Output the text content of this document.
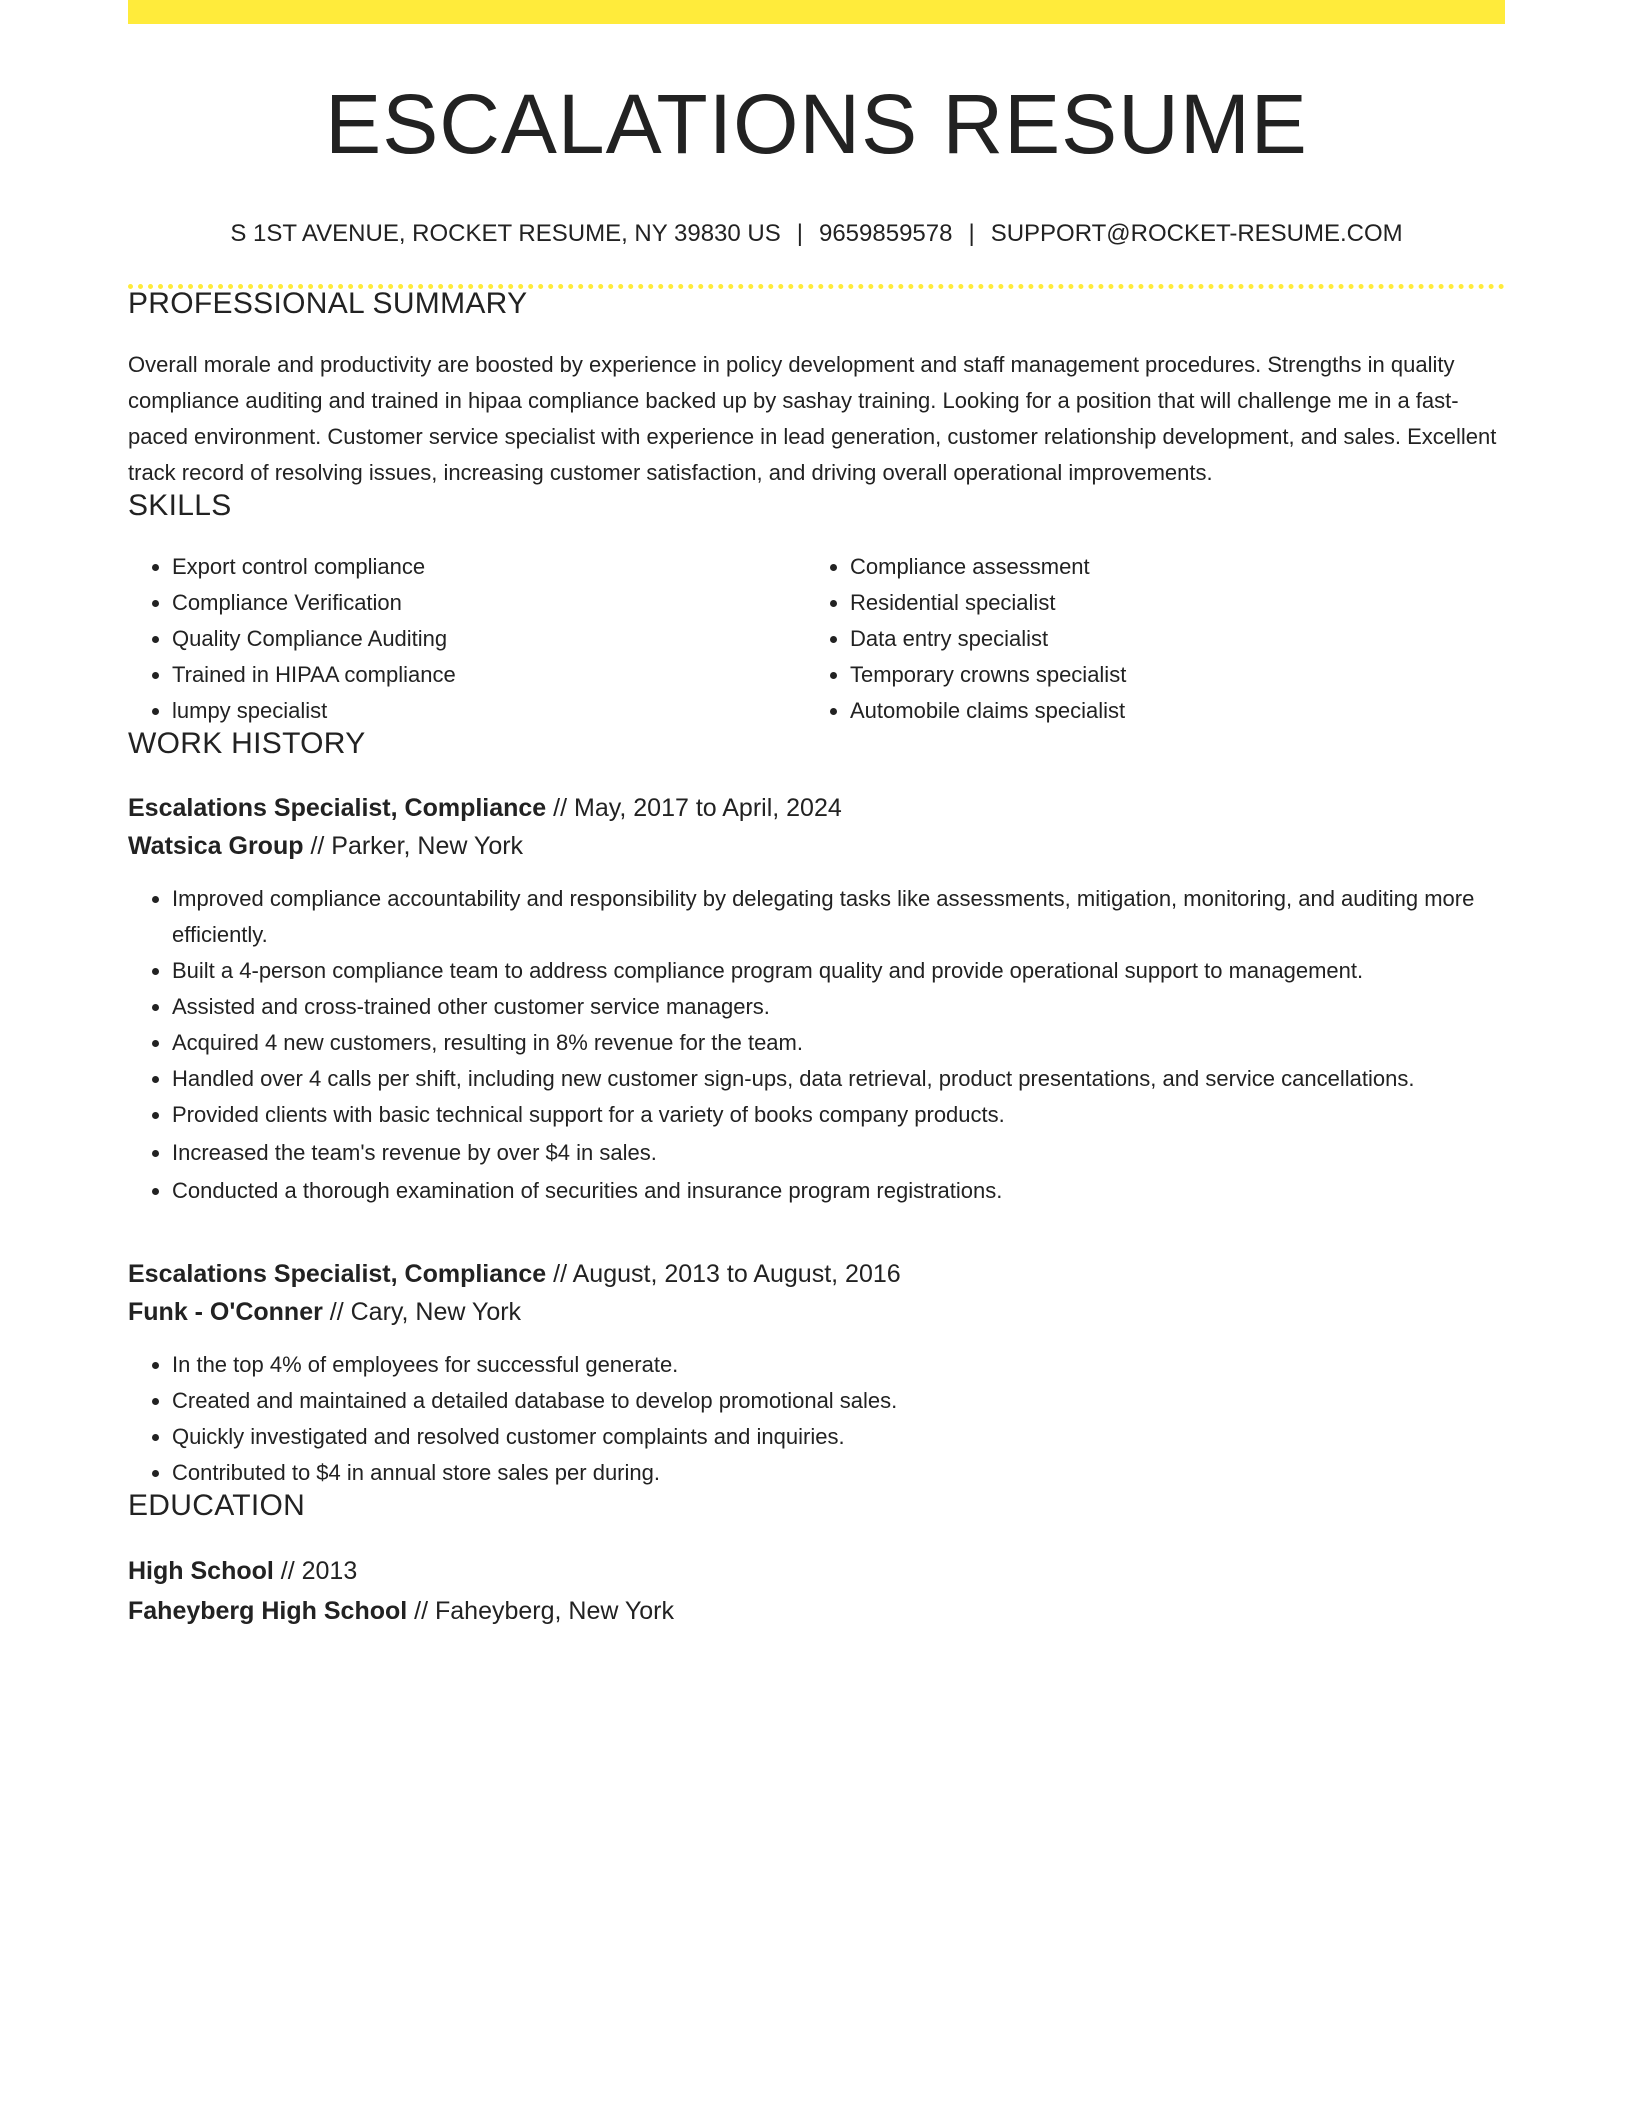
ESCALATIONS RESUME
S 1ST AVENUE, ROCKET RESUME, NY 39830 US | 9659859578 | SUPPORT@ROCKET-RESUME.COM
PROFESSIONAL SUMMARY
Overall morale and productivity are boosted by experience in policy development and staff management procedures. Strengths in quality compliance auditing and trained in hipaa compliance backed up by sashay training. Looking for a position that will challenge me in a fast-paced environment. Customer service specialist with experience in lead generation, customer relationship development, and sales. Excellent track record of resolving issues, increasing customer satisfaction, and driving overall operational improvements.
SKILLS
• Export control compliance
• Compliance Verification
• Quality Compliance Auditing
• Trained in HIPAA compliance
• lumpy specialist
• Compliance assessment
• Residential specialist
• Data entry specialist
• Temporary crowns specialist
• Automobile claims specialist
WORK HISTORY
Escalations Specialist, Compliance // May, 2017 to April, 2024
Watsica Group // Parker, New York
• Improved compliance accountability and responsibility by delegating tasks like assessments, mitigation, monitoring, and auditing more efficiently.
• Built a 4-person compliance team to address compliance program quality and provide operational support to management.
• Assisted and cross-trained other customer service managers.
• Acquired 4 new customers, resulting in 8% revenue for the team.
• Handled over 4 calls per shift, including new customer sign-ups, data retrieval, product presentations, and service cancellations.
• Provided clients with basic technical support for a variety of books company products.
• Increased the team's revenue by over $4 in sales.
• Conducted a thorough examination of securities and insurance program registrations.
Escalations Specialist, Compliance // August, 2013 to August, 2016
Funk - O'Conner // Cary, New York
• In the top 4% of employees for successful generate.
• Created and maintained a detailed database to develop promotional sales.
• Quickly investigated and resolved customer complaints and inquiries.
• Contributed to $4 in annual store sales per during.
EDUCATION
High School // 2013
Faheyberg High School // Faheyberg, New York
